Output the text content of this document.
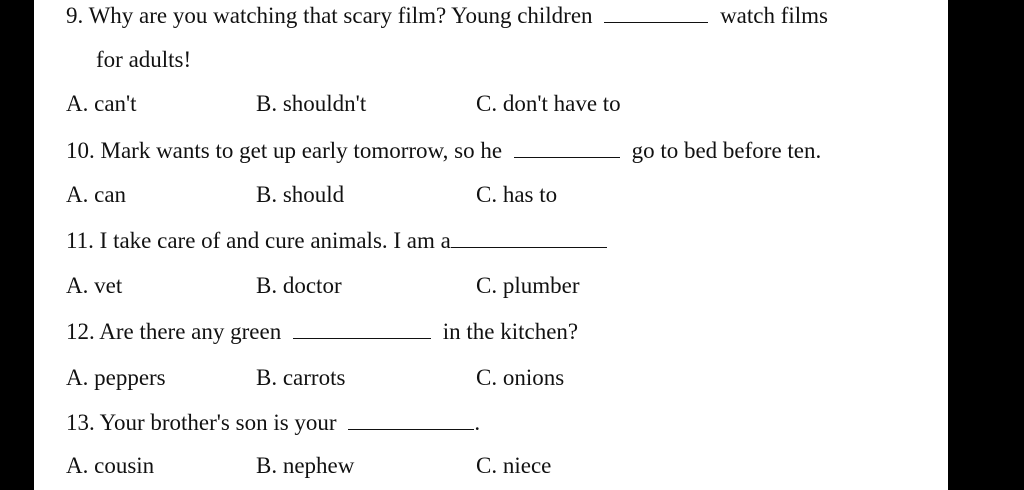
9. Why are you watching that scary film? Young children	watch films
for adults!
A. can't	B. shouldn't	C. don't have to
10. Mark wants to get up early tomorrow, so he	go to bed before ten.
A. can	B. should	C. has to
11. I take care of and cure animals. I am a
A. vet	B. doctor	C. plumber
12. Are there any green	in the kitchen?
A. peppers	B. carrots	C. onions
13. Your brother's son is your	.
A. cousin	B. nephew	C. niece
